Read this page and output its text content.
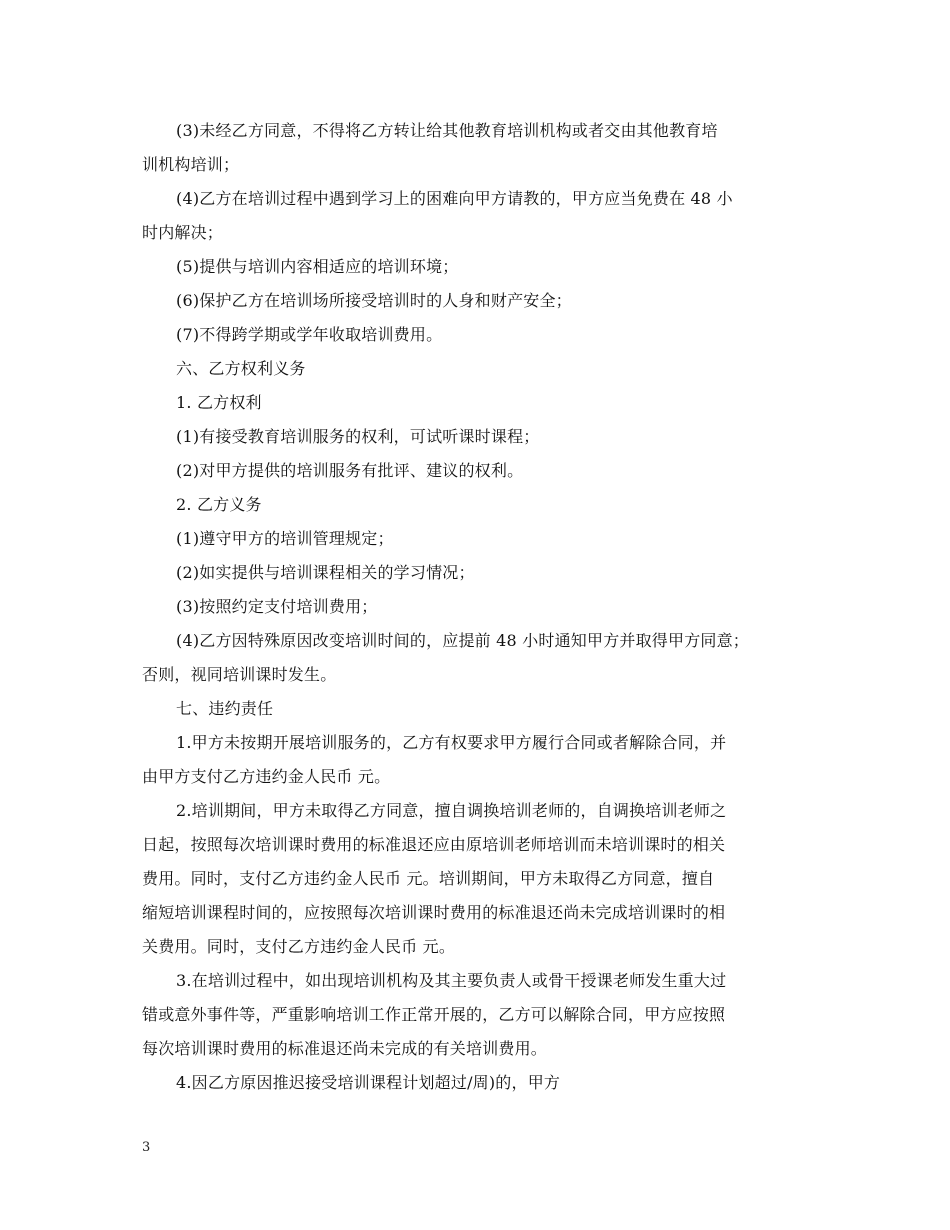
(3)未经乙方同意，不得将乙方转让给其他教育培训机构或者交由其他教育培
训机构培训；
(4)乙方在培训过程中遇到学习上的困难向甲方请教的，甲方应当免费在 48 小
时内解决；
(5)提供与培训内容相适应的培训环境；
(6)保护乙方在培训场所接受培训时的人身和财产安全；
(7)不得跨学期或学年收取培训费用。
六、乙方权利义务
1. 乙方权利
(1)有接受教育培训服务的权利，可试听课时课程；
(2)对甲方提供的培训服务有批评、建议的权利。
2. 乙方义务
(1)遵守甲方的培训管理规定；
(2)如实提供与培训课程相关的学习情况；
(3)按照约定支付培训费用；
(4)乙方因特殊原因改变培训时间的，应提前 48 小时通知甲方并取得甲方同意；
否则，视同培训课时发生。
七、违约责任
1.甲方未按期开展培训服务的，乙方有权要求甲方履行合同或者解除合同，并
由甲方支付乙方违约金人民币 元。
2.培训期间，甲方未取得乙方同意，擅自调换培训老师的，自调换培训老师之
日起，按照每次培训课时费用的标准退还应由原培训老师培训而未培训课时的相关
费用。同时，支付乙方违约金人民币 元。培训期间，甲方未取得乙方同意，擅自
缩短培训课程时间的，应按照每次培训课时费用的标准退还尚未完成培训课时的相
关费用。同时，支付乙方违约金人民币 元。
3.在培训过程中，如出现培训机构及其主要负责人或骨干授课老师发生重大过
错或意外事件等，严重影响培训工作正常开展的，乙方可以解除合同，甲方应按照
每次培训课时费用的标准退还尚未完成的有关培训费用。
4.因乙方原因推迟接受培训课程计划超过/周)的，甲方
3
